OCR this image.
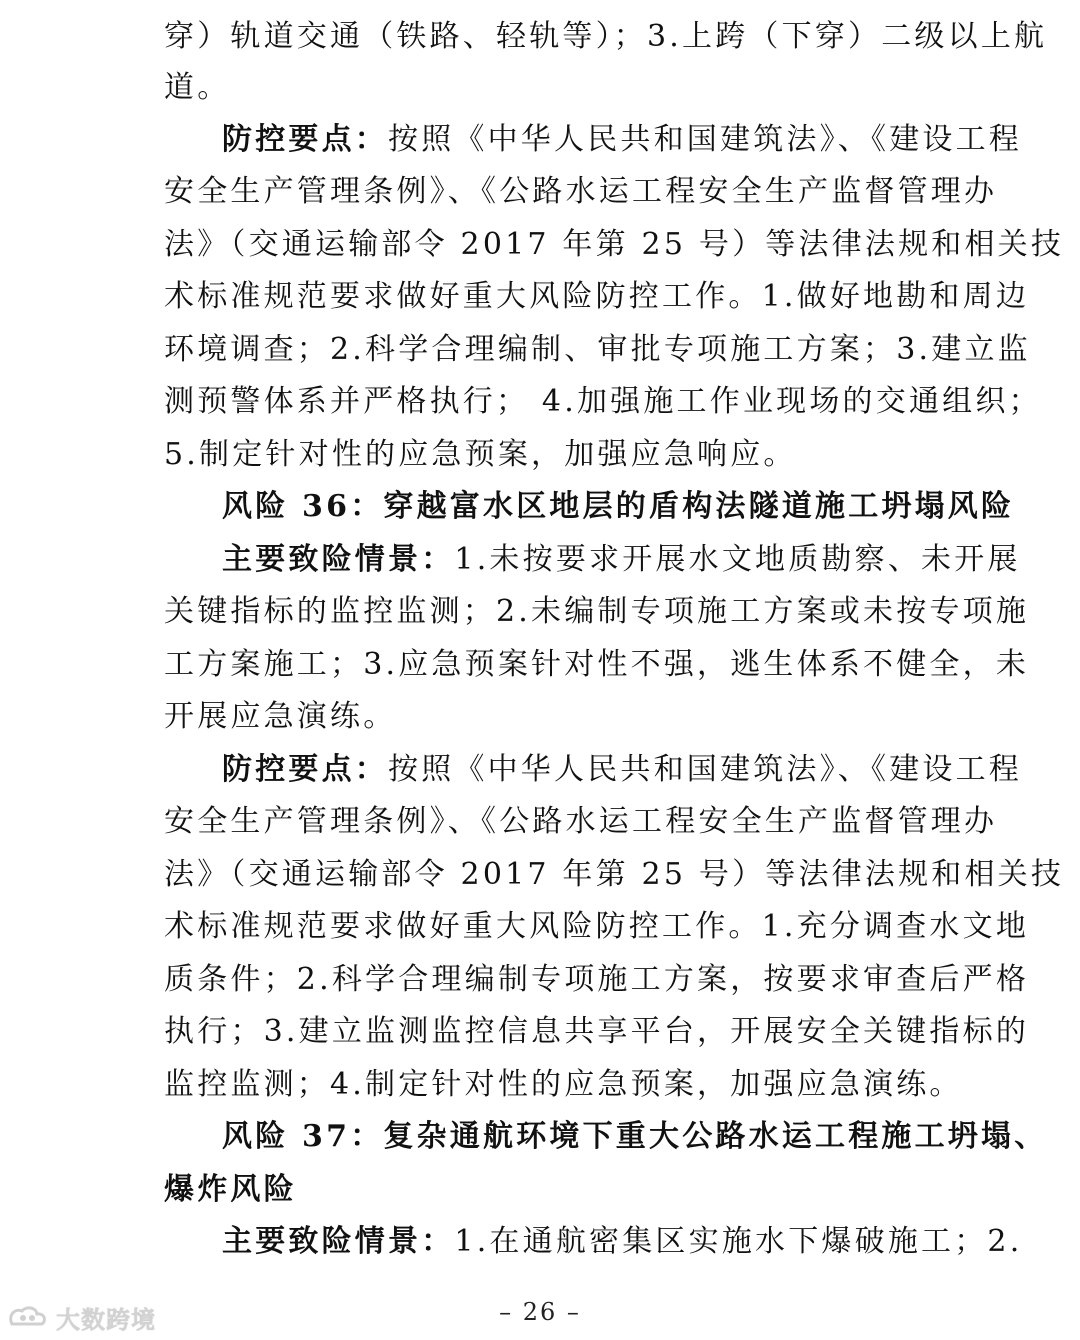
穿）轨道交通（铁路、轻轨等）；3.上跨（下穿）二级以上航
道。
防控要点：按照《中华人民共和国建筑法》、《建设工程
安全生产管理条例》、《公路水运工程安全生产监督管理办
法》（交通运输部令 2017 年第 25 号）等法律法规和相关技
术标准规范要求做好重大风险防控工作。1.做好地勘和周边
环境调查；2.科学合理编制、审批专项施工方案；3.建立监
测预警体系并严格执行； 4.加强施工作业现场的交通组织；
5.制定针对性的应急预案，加强应急响应。
风险 36：穿越富水区地层的盾构法隧道施工坍塌风险
主要致险情景：1.未按要求开展水文地质勘察、未开展
关键指标的监控监测；2.未编制专项施工方案或未按专项施
工方案施工；3.应急预案针对性不强，逃生体系不健全，未
开展应急演练。
防控要点：按照《中华人民共和国建筑法》、《建设工程
安全生产管理条例》、《公路水运工程安全生产监督管理办
法》（交通运输部令 2017 年第 25 号）等法律法规和相关技
术标准规范要求做好重大风险防控工作。1.充分调查水文地
质条件；2.科学合理编制专项施工方案，按要求审查后严格
执行；3.建立监测监控信息共享平台，开展安全关键指标的
监控监测；4.制定针对性的应急预案，加强应急演练。
风险 37：复杂通航环境下重大公路水运工程施工坍塌、
爆炸风险
主要致险情景：1.在通航密集区实施水下爆破施工；2.
– 26 –
大数跨境
